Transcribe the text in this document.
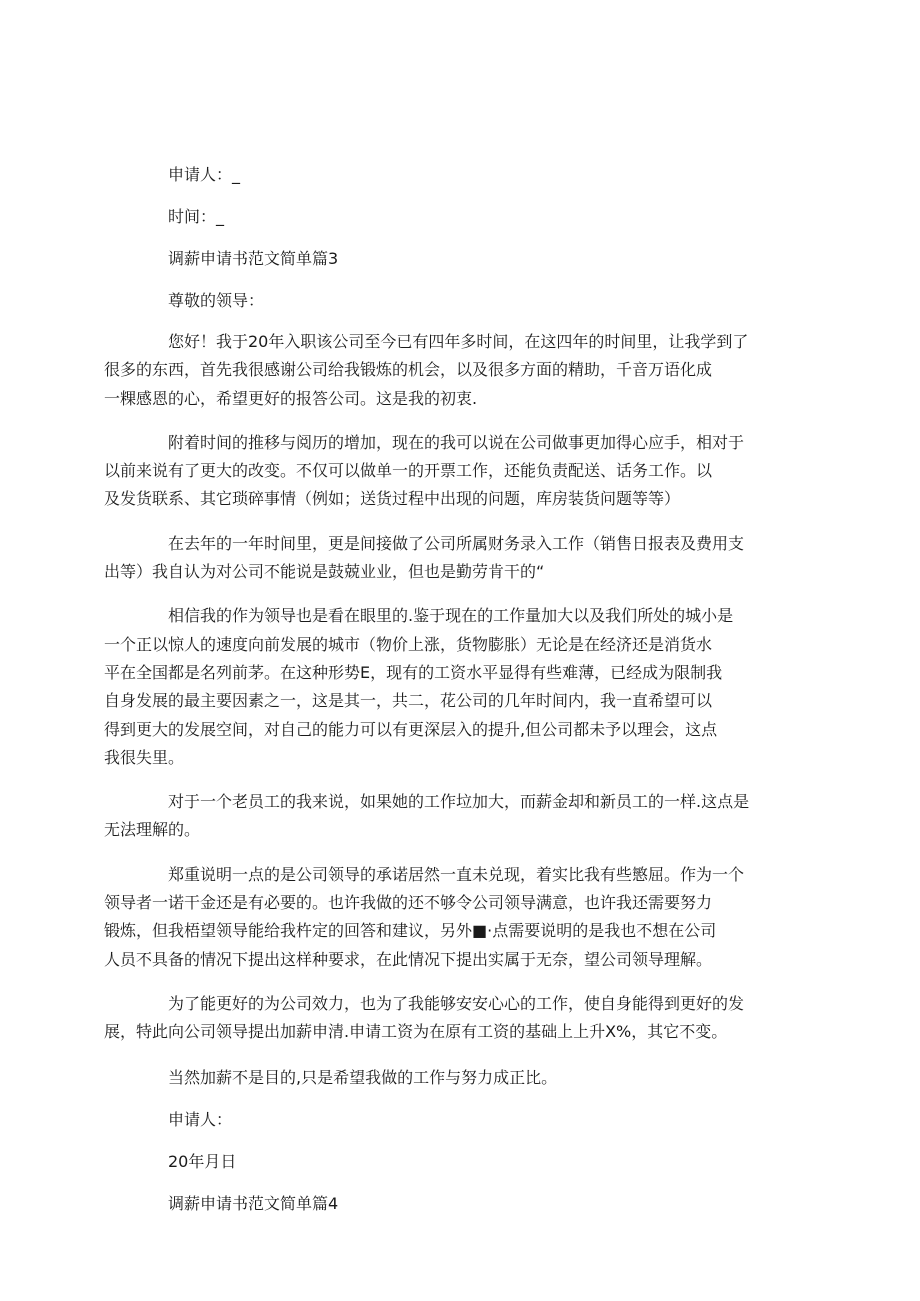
申请人：_
时间：_
调薪申请书范文简单篇3
尊敬的领导：
您好！我于20年入职该公司至今已有四年多时间，在这四年的时间里，让我学到了
很多的东西，首先我很感谢公司给我锻炼的机会，以及很多方面的精助，千音万语化成
一粿感恩的心，希望更好的报答公司。这是我的初衷.
附着时间的推移与阅历的增加，现在的我可以说在公司做事更加得心应手，相对于
以前来说有了更大的改变。不仅可以做单一的开票工作，还能负责配送、话务工作。以
及发货联系、其它琐碎事情（例如；送货过程中出现的问题，库房装货问题等等）
在去年的一年时间里，更是间接做了公司所属财务录入工作（销售日报表及费用支
出等）我自认为对公司不能说是鼓兢业业，但也是勤劳肯干的“
相信我的作为领导也是看在眼里的.鉴于现在的工作量加大以及我们所处的城小是
一个正以惊人的速度向前发展的城市（物价上涨，货物膨胀）无论是在经济还是消货水
平在全国都是名列前茅。在这种形势E，现有的工资水平显得有些难薄，已经成为限制我
自身发展的最主要因素之一，这是其一，共二，花公司的几年时间内，我一直希望可以
得到更大的发展空间，对自己的能力可以有更深层入的提升,但公司都未予以理会，这点
我很失里。
对于一个老员工的我来说，如果她的工作垃加大，而薪金却和新员工的一样.这点是
无法理解的。
郑重说明一点的是公司领导的承诺居然一直未兑现，着实比我有些慜屈。作为一个
领导者一诺干金还是有必要的。也许我做的还不够令公司领导满意，也许我还需要努力
锻炼，但我梧望领导能给我杵定的回答和建议，另外■·点需要说明的是我也不想在公司
人员不具备的情况下提出这样种要求，在此情况下提出实属于无奈，望公司领导理解。
为了能更好的为公司效力，也为了我能够安安心心的工作，使自身能得到更好的发
展，特此向公司领导提出加薪申清.申请工资为在原有工资的基础上上升X%，其它不变。
当然加薪不是目的,只是希望我做的工作与努力成正比。
申请人：
20年月日
调薪申请书范文简单篇4
